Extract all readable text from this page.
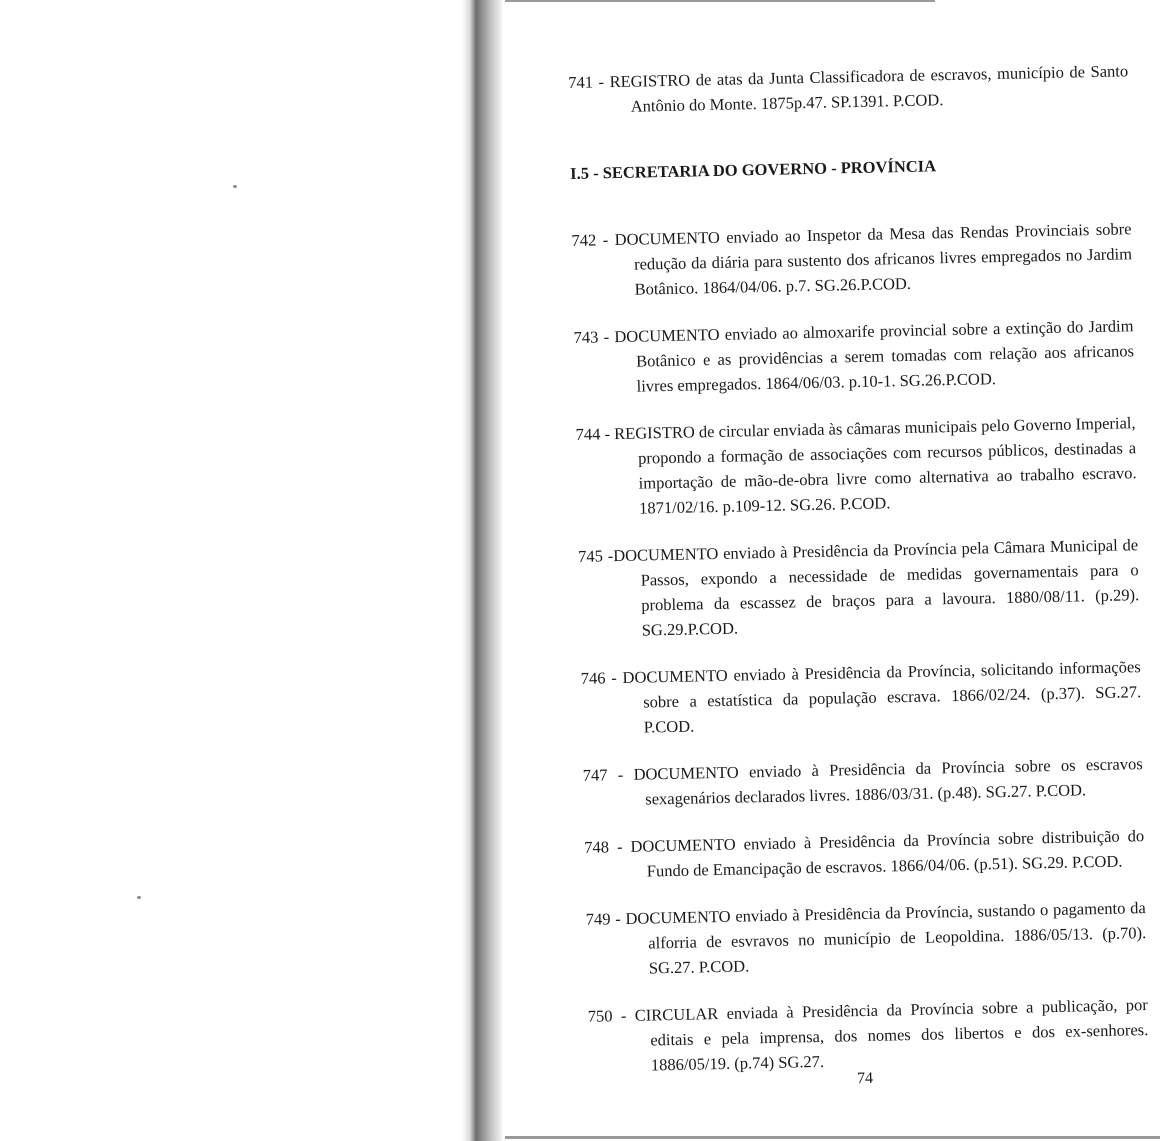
741 - REGISTRO de atas da Junta Classificadora de escravos, município de Santo Antônio do Monte. 1875p.47. SP.1391. P.COD.

I.5 - SECRETARIA DO GOVERNO - PROVÍNCIA

742 - DOCUMENTO enviado ao Inspetor da Mesa das Rendas Provinciais sobre redução da diária para sustento dos africanos livres empregados no Jardim Botânico. 1864/04/06. p.7. SG.26.P.COD.

743 - DOCUMENTO enviado ao almoxarife provincial sobre a extinção do Jardim Botânico e as providências a serem tomadas com relação aos africanos livres empregados. 1864/06/03. p.10-1. SG.26.P.COD.

744 - REGISTRO de circular enviada às câmaras municipais pelo Governo Imperial, propondo a formação de associações com recursos públicos, destinadas a importação de mão-de-obra livre como alternativa ao trabalho escravo. 1871/02/16. p.109-12. SG.26. P.COD.

745 -DOCUMENTO enviado à Presidência da Província pela Câmara Municipal de Passos, expondo a necessidade de medidas governamentais para o problema da escassez de braços para a lavoura. 1880/08/11. (p.29). SG.29.P.COD.

746 - DOCUMENTO enviado à Presidência da Província, solicitando informações sobre a estatística da população escrava. 1866/02/24. (p.37). SG.27. P.COD.

747 - DOCUMENTO enviado à Presidência da Província sobre os escravos sexagenários declarados livres. 1886/03/31. (p.48). SG.27. P.COD.

748 - DOCUMENTO enviado à Presidência da Província sobre distribuição do Fundo de Emancipação de escravos. 1866/04/06. (p.51). SG.29. P.COD.

749 - DOCUMENTO enviado à Presidência da Província, sustando o pagamento da alforria de esvravos no município de Leopoldina. 1886/05/13. (p.70). SG.27. P.COD.

750 - CIRCULAR enviada à Presidência da Província sobre a publicação, por editais e pela imprensa, dos nomes dos libertos e dos ex-senhores. 1886/05/19. (p.74) SG.27.

74
